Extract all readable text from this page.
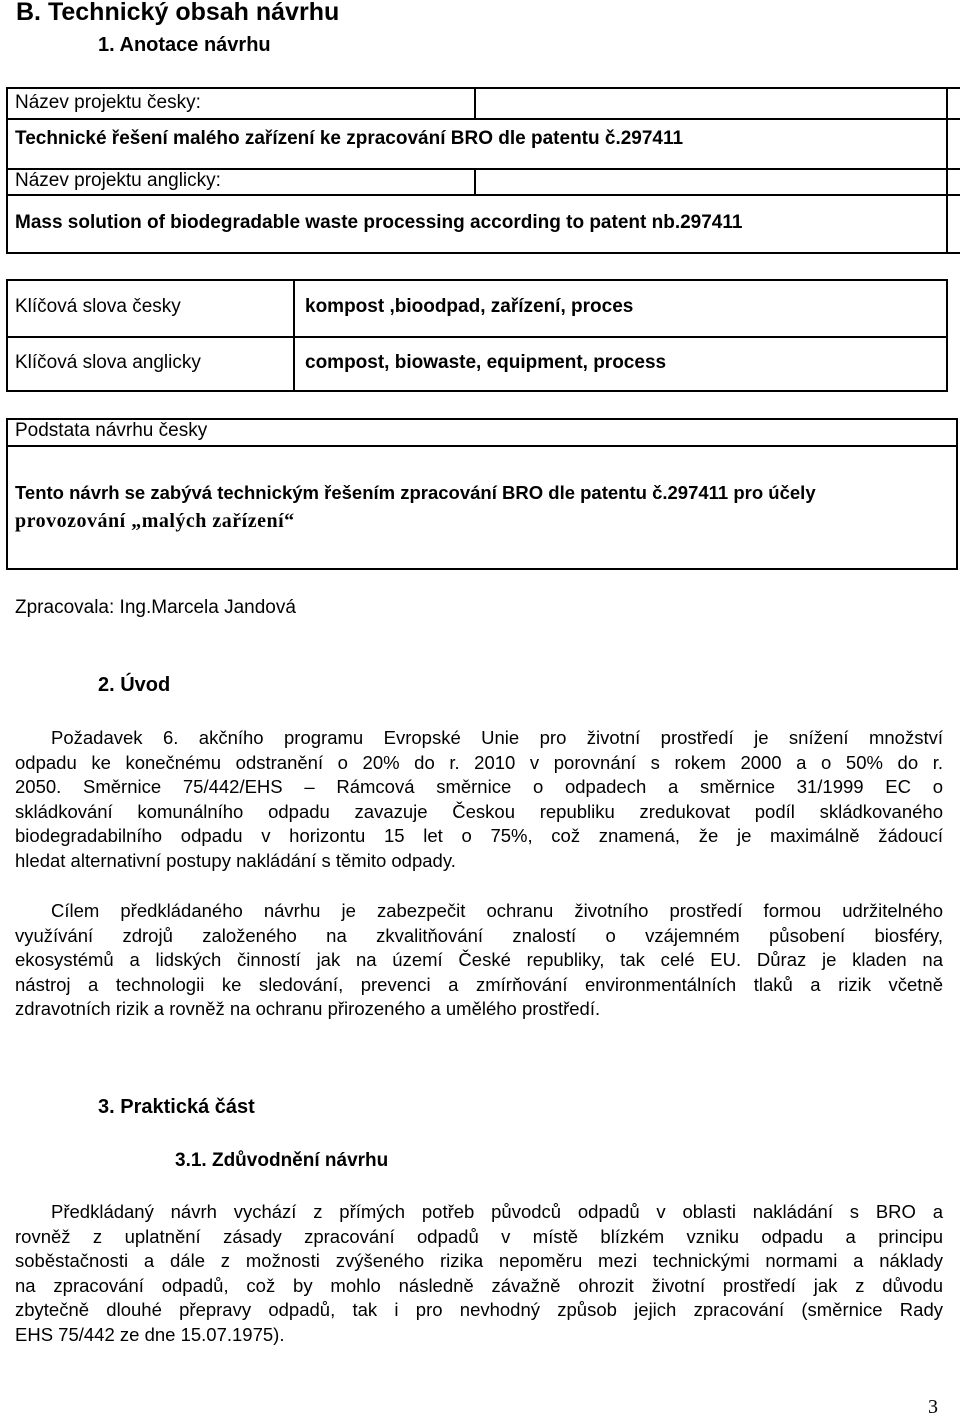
B. Technický obsah návrhu
1. Anotace návrhu
Název projektu česky:
Technické řešení malého zařízení ke zpracování BRO dle patentu č.297411
Název projektu anglicky:
Mass solution of biodegradable waste processing according to patent nb.297411
Klíčová slova česky	kompost ,bioodpad, zařízení, proces
Klíčová slova anglicky	compost, biowaste, equipment, process
Podstata návrhu česky
Tento návrh se zabývá technickým řešením zpracování BRO dle patentu č.297411 pro účely
provozování „malých zařízení“
Zpracovala: Ing.Marcela Jandová
2. Úvod
Požadavek 6. akčního programu Evropské Unie pro životní prostředí je snížení množství
odpadu ke konečnému odstranění o 20% do r. 2010 v porovnání s rokem 2000 a o 50% do r.
2050. Směrnice 75/442/EHS – Rámcová směrnice o odpadech a směrnice 31/1999 EC o
skládkování komunálního odpadu zavazuje Českou republiku zredukovat podíl skládkovaného
biodegradabilního odpadu v horizontu 15 let o 75%, což znamená, že je maximálně žádoucí
hledat alternativní postupy nakládání s těmito odpady.
Cílem předkládaného návrhu je zabezpečit ochranu životního prostředí formou udržitelného
využívání zdrojů založeného na zkvalitňování znalostí o vzájemném působení biosféry,
ekosystémů a lidských činností jak na území České republiky, tak celé EU. Důraz je kladen na
nástroj a technologii ke sledování, prevenci a zmírňování environmentálních tlaků a rizik včetně
zdravotních rizik a rovněž na ochranu přirozeného a umělého prostředí.
3. Praktická část
3.1. Zdůvodnění návrhu
Předkládaný návrh vychází z přímých potřeb původců odpadů v oblasti nakládání s BRO a
rovněž z uplatnění zásady zpracování odpadů v místě blízkém vzniku odpadu a principu
soběstačnosti a dále z možnosti zvýšeného rizika nepoměru mezi technickými normami a náklady
na zpracování odpadů, což by mohlo následně závažně ohrozit životní prostředí jak z důvodu
zbytečně dlouhé přepravy odpadů, tak i pro nevhodný způsob jejich zpracování (směrnice Rady
EHS 75/442 ze dne 15.07.1975).
3
